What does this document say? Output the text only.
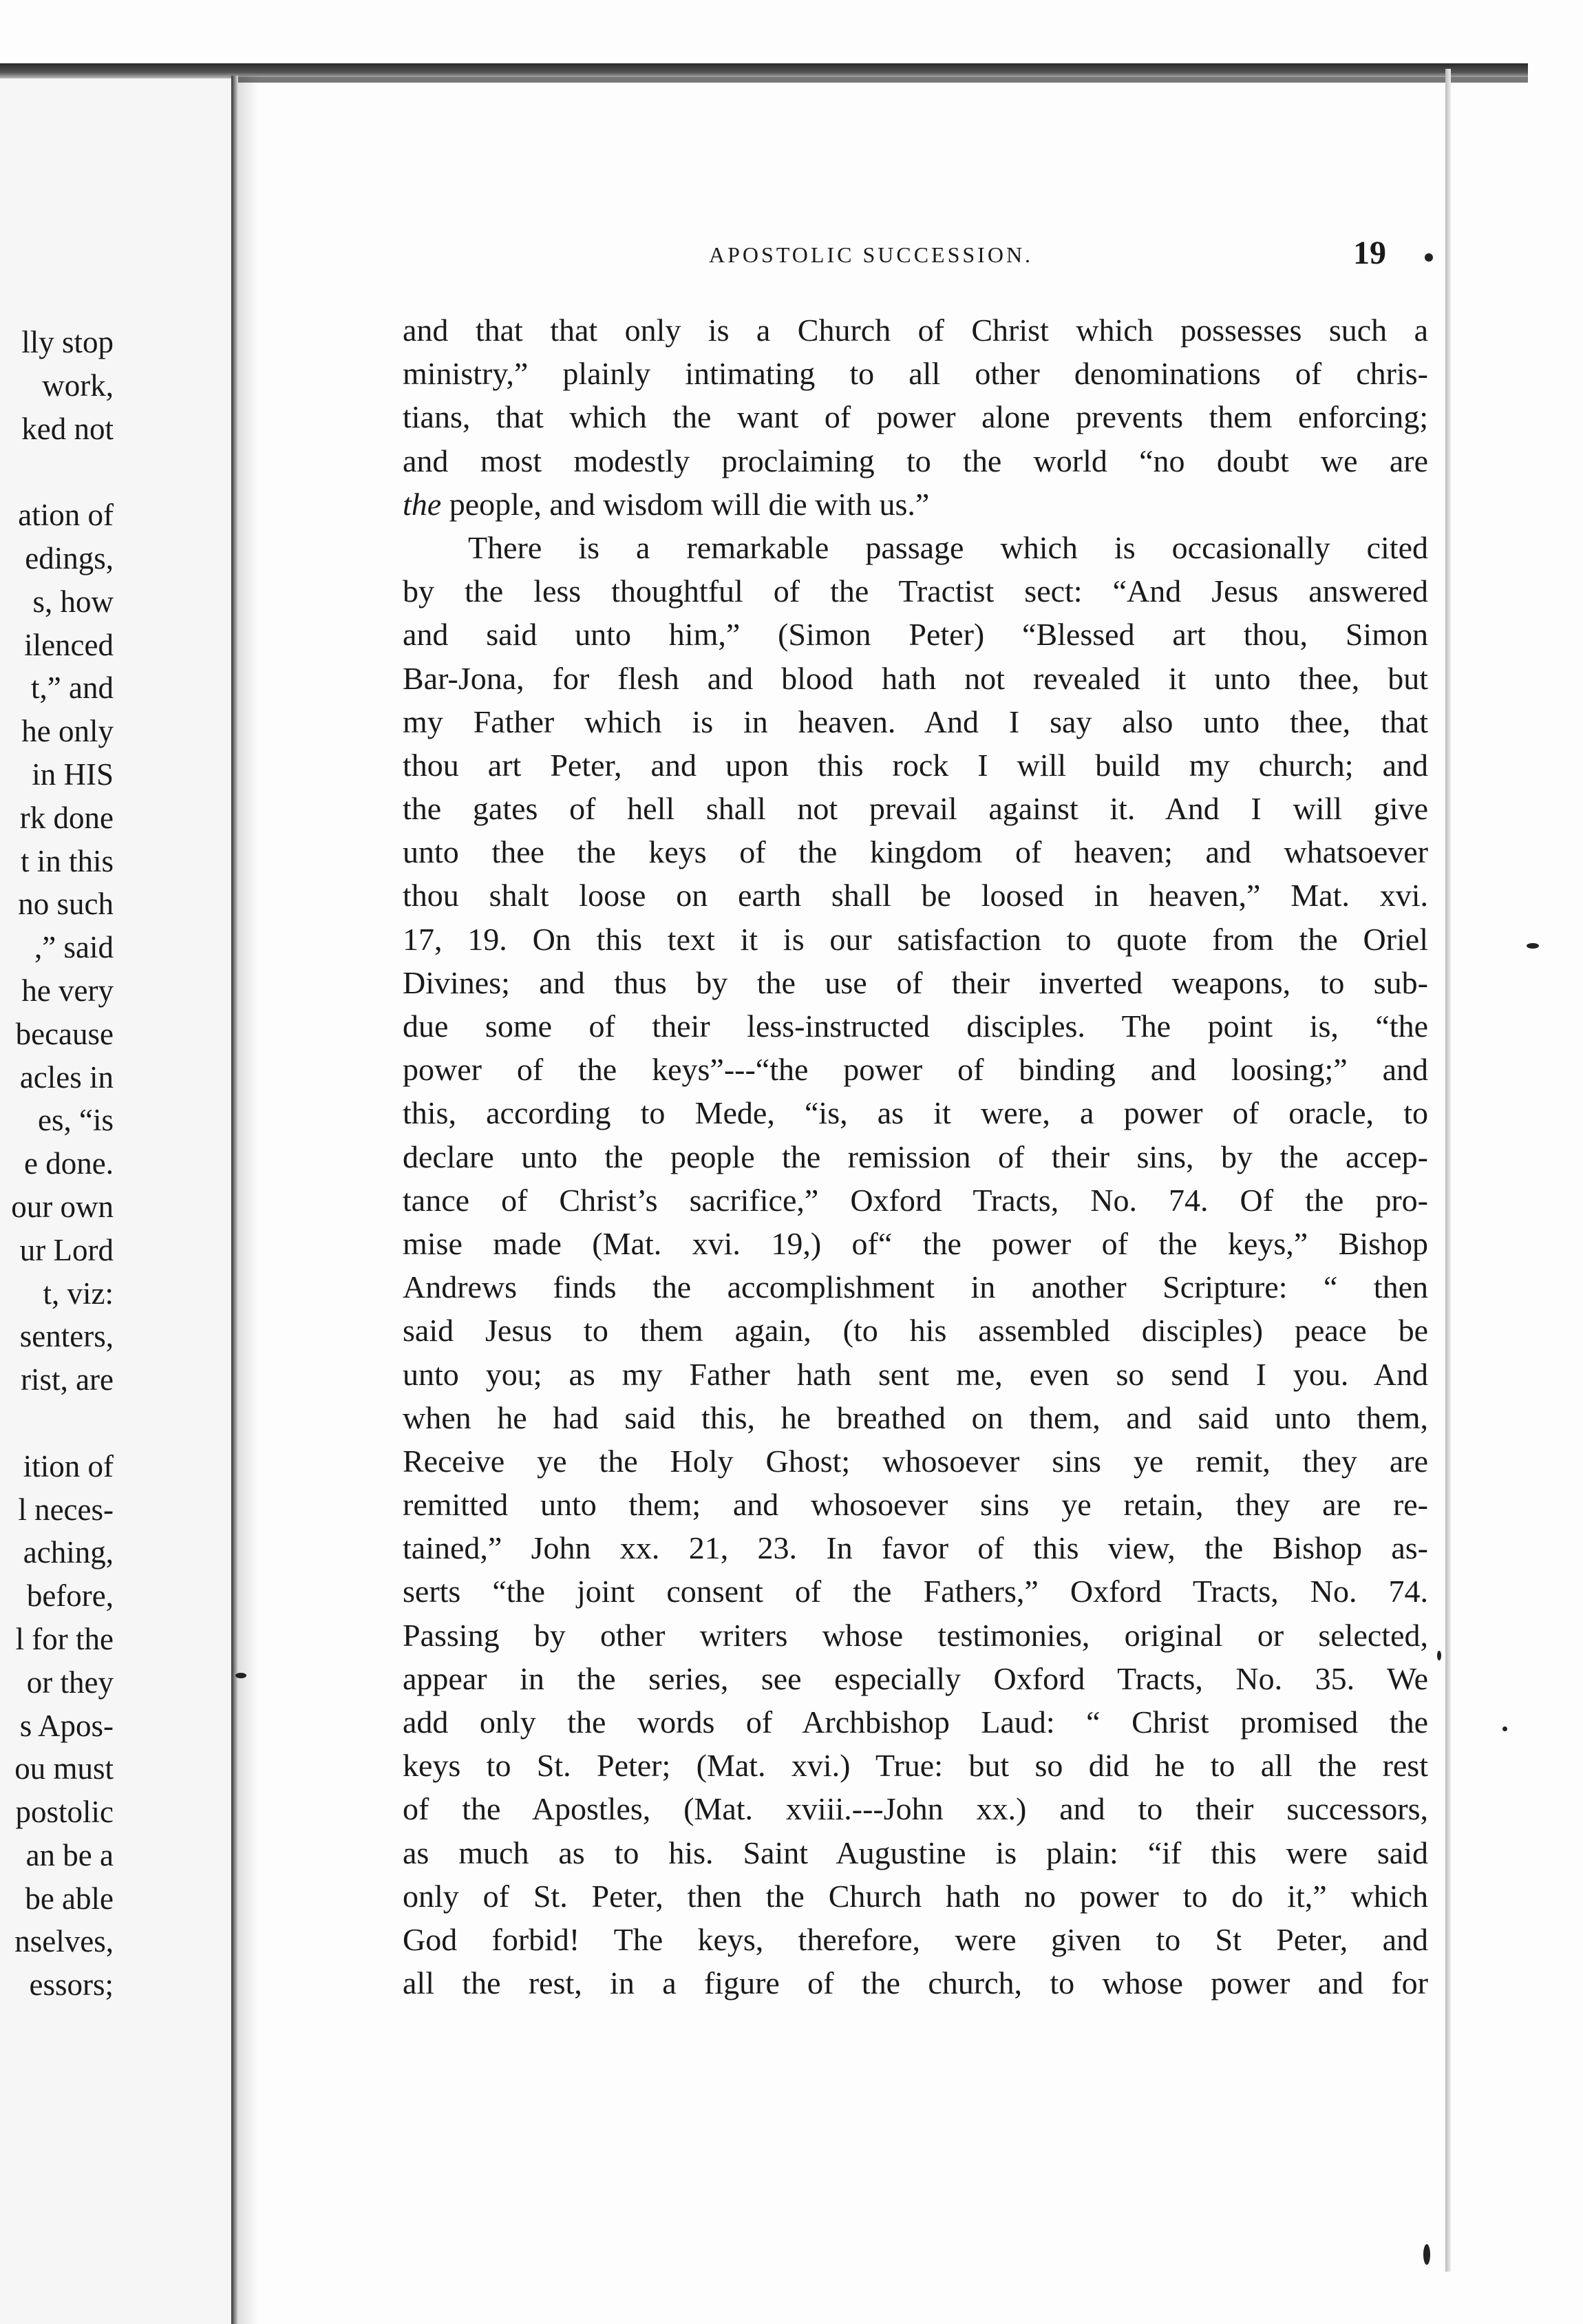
lly stop
work,
ked not
ation of
edings,
s, how
ilenced
t,” and
he only
in HIS
rk done
t in this
no such
,” said
he very
because
acles in
es, “is
e done.
our own
ur Lord
t, viz:
senters,
rist, are
ition of
l neces-
aching,
before,
l for the
or they
s Apos-
ou must
postolic
an be a
be able
nselves,
essors;
APOSTOLIC SUCCESSION.	19
and that that only is a Church of Christ which possesses such a
ministry,” plainly intimating to all other denominations of chris-
tians, that which the want of power alone prevents them enforcing;
and most modestly proclaiming to the world “no doubt we are
the people, and wisdom will die with us.”
There is a remarkable passage which is occasionally cited
by the less thoughtful of the Tractist sect: “And Jesus answered
and said unto him,” (Simon Peter) “Blessed art thou, Simon
Bar-Jona, for flesh and blood hath not revealed it unto thee, but
my Father which is in heaven. And I say also unto thee, that
thou art Peter, and upon this rock I will build my church; and
the gates of hell shall not prevail against it. And I will give
unto thee the keys of the kingdom of heaven; and whatsoever
thou shalt loose on earth shall be loosed in heaven,” Mat. xvi.
17, 19. On this text it is our satisfaction to quote from the Oriel
Divines; and thus by the use of their inverted weapons, to sub-
due some of their less-instructed disciples. The point is, “the
power of the keys”---“the power of binding and loosing;” and
this, according to Mede, “is, as it were, a power of oracle, to
declare unto the people the remission of their sins, by the accep-
tance of Christ’s sacrifice,” Oxford Tracts, No. 74. Of the pro-
mise made (Mat. xvi. 19,) of“ the power of the keys,” Bishop
Andrews finds the accomplishment in another Scripture: “ then
said Jesus to them again, (to his assembled disciples) peace be
unto you; as my Father hath sent me, even so send I you. And
when he had said this, he breathed on them, and said unto them,
Receive ye the Holy Ghost; whosoever sins ye remit, they are
remitted unto them; and whosoever sins ye retain, they are re-
tained,” John xx. 21, 23. In favor of this view, the Bishop as-
serts “the joint consent of the Fathers,” Oxford Tracts, No. 74.
Passing by other writers whose testimonies, original or selected,
appear in the series, see especially Oxford Tracts, No. 35. We
add only the words of Archbishop Laud: “ Christ promised the
keys to St. Peter; (Mat. xvi.) True: but so did he to all the rest
of the Apostles, (Mat. xviii.---John xx.) and to their successors,
as much as to his. Saint Augustine is plain: “if this were said
only of St. Peter, then the Church hath no power to do it,” which
God forbid! The keys, therefore, were given to St Peter, and
all the rest, in a figure of the church, to whose power and for
